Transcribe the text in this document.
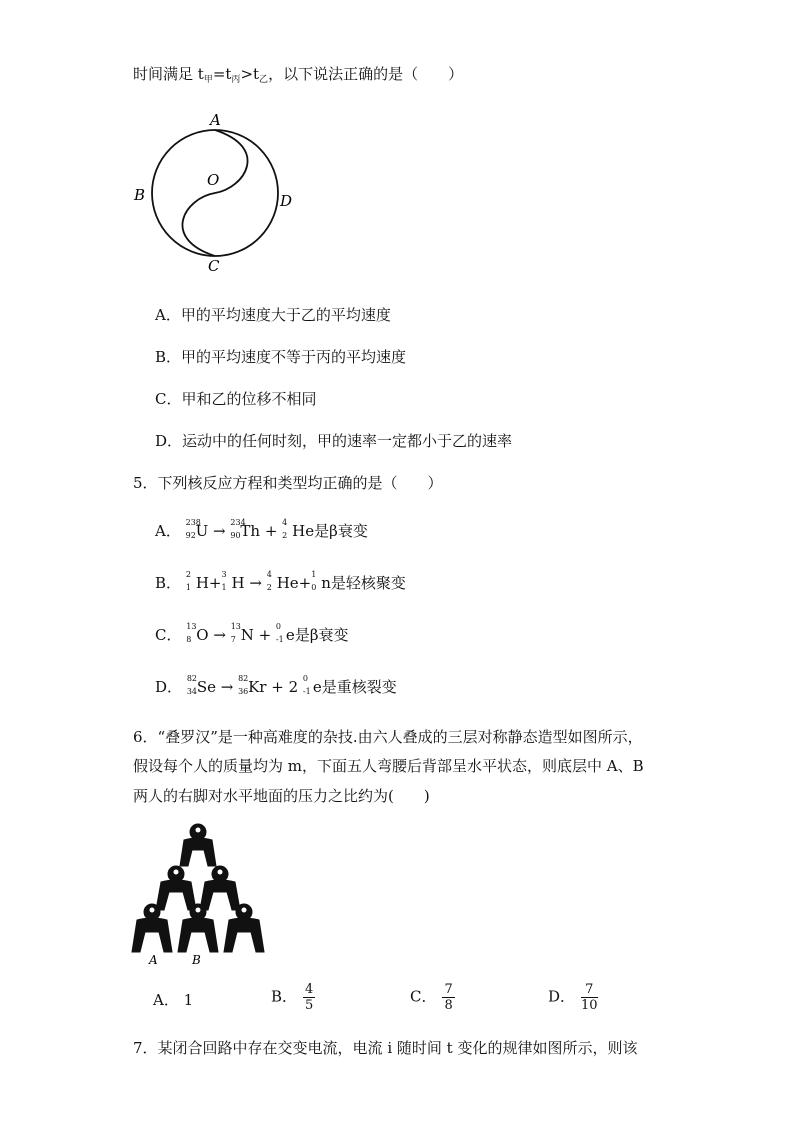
时间满足 $t_甲=t_丙>t_乙$，以下说法正确的是（　　）
A
B	D
C
O
A．甲的平均速度大于乙的平均速度
B．甲的平均速度不等于丙的平均速度
C．甲和乙的位移不相同
D．运动中的任何时刻，甲的速率一定都小于乙的速率
5．下列核反应方程和类型均正确的是（　　）
A． 238
92 U → 234
90 Th + 4
2 He是β衰变
B． 2
1 H+ 3
1 H → 4
2 He+ 1
0 n是轻核聚变
C． 13
8 O → 13
7 N + 0
-1 e是β衰变
D． 82
34 Se → 82
36 Kr + 2 0
-1 e是重核裂变
6．“叠罗汉”是一种高难度的杂技.由六人叠成的三层对称静态造型如图所示，
假设每个人的质量均为 m，下面五人弯腰后背部呈水平状态，则底层中 A、B
两人的右脚对水平地面的压力之比约为(　　)
A	B
A． 1	B． $\frac{4}{5}$	C． $\frac{7}{8}$	D． $\frac{7}{10}$
7．某闭合回路中存在交变电流，电流 i 随时间 t 变化的规律如图所示，则该
